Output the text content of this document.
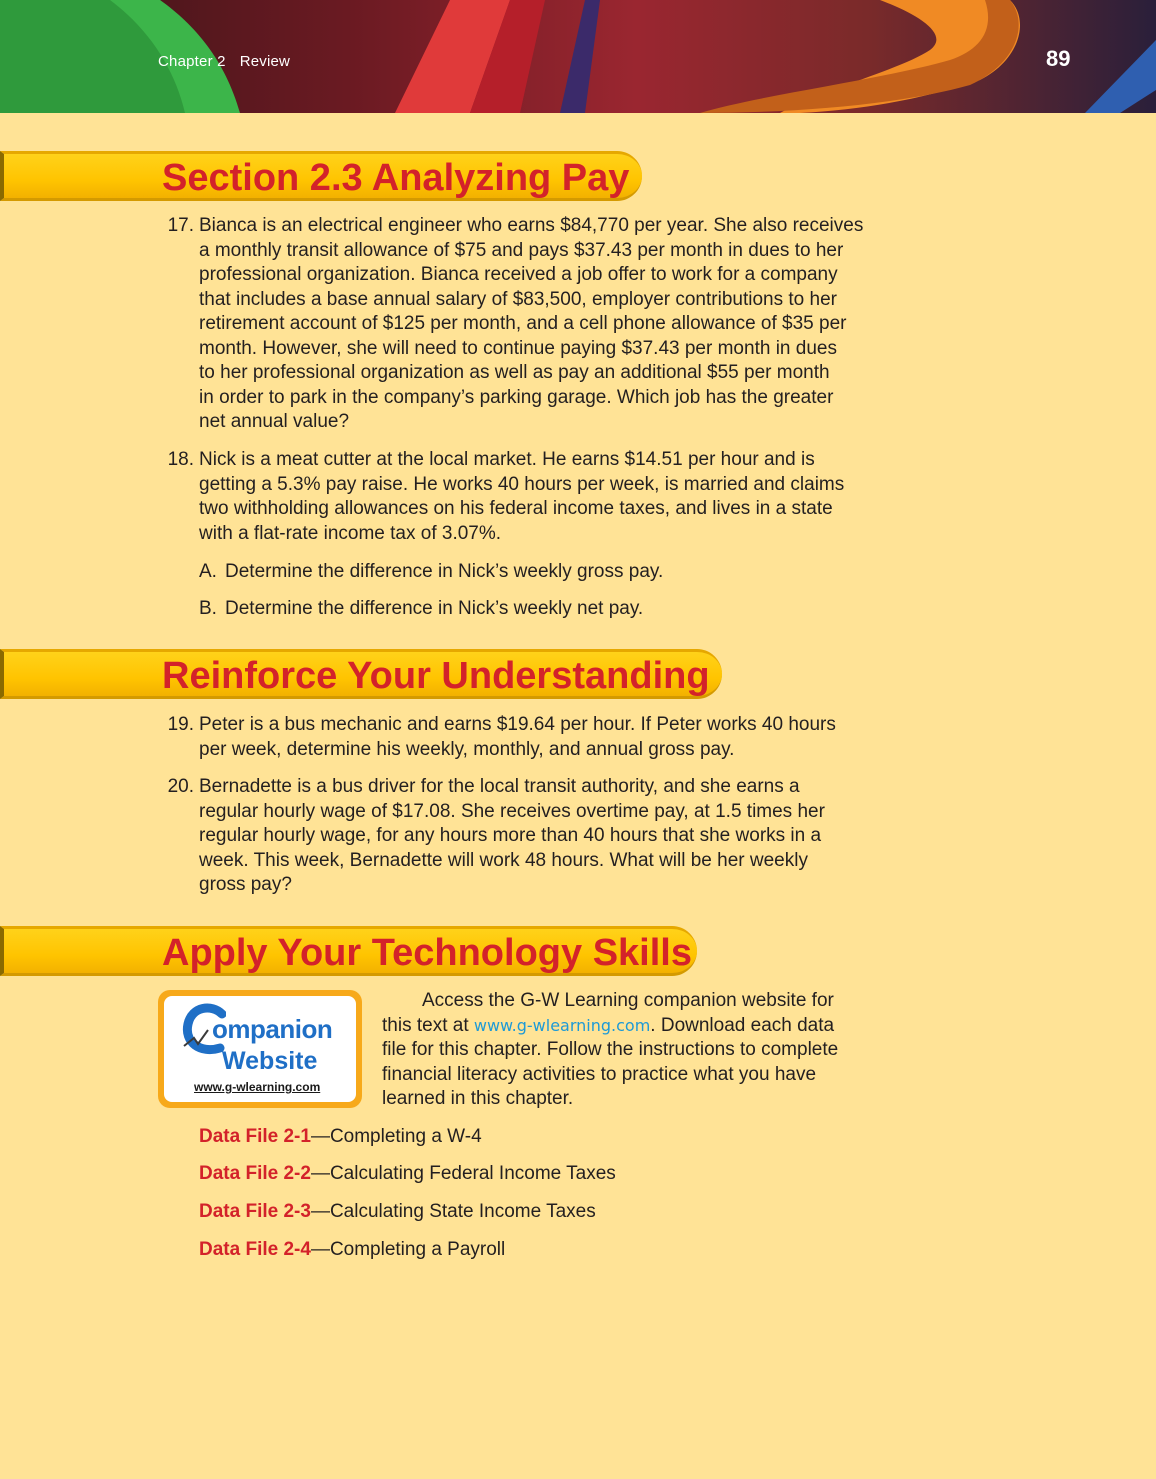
Chapter 2 Review	89
Section 2.3 Analyzing Pay
17. Bianca is an electrical engineer who earns $84,770 per year. She also receives
a monthly transit allowance of $75 and pays $37.43 per month in dues to her
professional organization. Bianca received a job offer to work for a company
that includes a base annual salary of $83,500, employer contributions to her
retirement account of $125 per month, and a cell phone allowance of $35 per
month. However, she will need to continue paying $37.43 per month in dues
to her professional organization as well as pay an additional $55 per month
in order to park in the company’s parking garage. Which job has the greater
net annual value?
18. Nick is a meat cutter at the local market. He earns $14.51 per hour and is
getting a 5.3% pay raise. He works 40 hours per week, is married and claims
two withholding allowances on his federal income taxes, and lives in a state
with a flat-rate income tax of 3.07%.
A. Determine the difference in Nick’s weekly gross pay.
B. Determine the difference in Nick’s weekly net pay.
Reinforce Your Understanding
19. Peter is a bus mechanic and earns $19.64 per hour. If Peter works 40 hours
per week, determine his weekly, monthly, and annual gross pay.
20. Bernadette is a bus driver for the local transit authority, and she earns a
regular hourly wage of $17.08. She receives overtime pay, at 1.5 times her
regular hourly wage, for any hours more than 40 hours that she works in a
week. This week, Bernadette will work 48 hours. What will be her weekly
gross pay?
Apply Your Technology Skills
ompanion
Website
www.g-wlearning.com
Access the G-W Learning companion website for
this text at www.g-wlearning.com. Download each data
file for this chapter. Follow the instructions to complete
financial literacy activities to practice what you have
learned in this chapter.
Data File 2-1—Completing a W-4
Data File 2-2—Calculating Federal Income Taxes
Data File 2-3—Calculating State Income Taxes
Data File 2-4—Completing a Payroll
